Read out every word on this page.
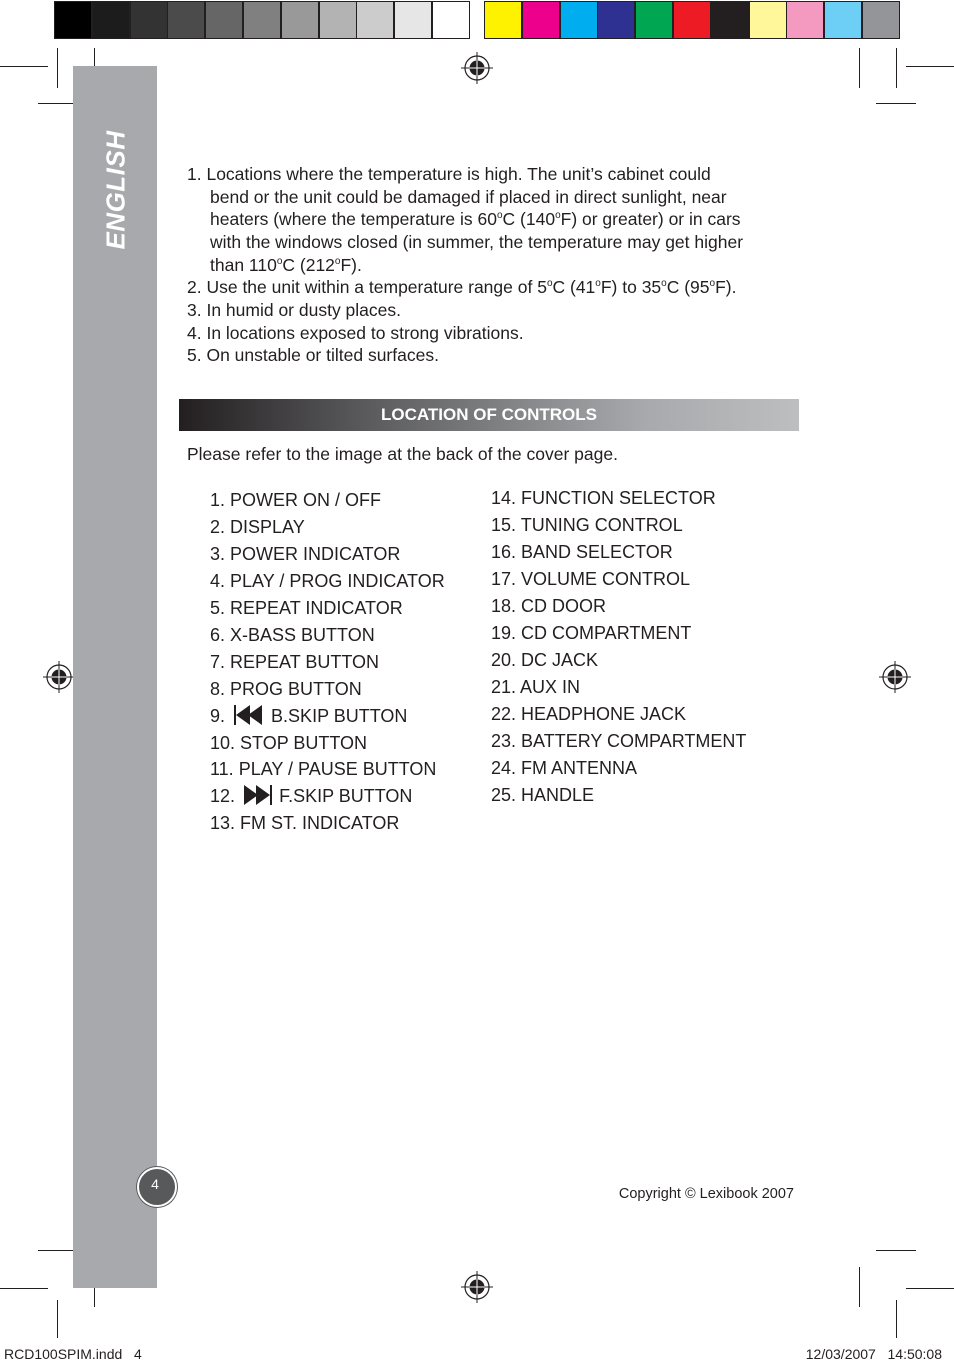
ENGLISH	1. Locations where the temperature is high. The unit’s cabinet could
bend or the unit could be damaged if placed in direct sunlight, near
heaters (where the temperature is 60$^o$C (140$^o$F) or greater) or in cars
with the windows closed (in summer, the temperature may get higher
than 110$^o$C (212$^o$F).
2. Use the unit within a temperature range of 5$^o$C (41$^o$F) to 35$^o$C (95$^o$F).
3. In humid or dusty places.
4. In locations exposed to strong vibrations.
5. On unstable or tilted surfaces.
LOCATION OF CONTROLS
Please refer to the image at the back of the cover page.
1. POWER ON / OFF
2. DISPLAY
3. POWER INDICATOR
4. PLAY / PROG INDICATOR
5. REPEAT INDICATOR
6. X-BASS BUTTON
7. REPEAT BUTTON
8. PROG BUTTON
9.	B.SKIP BUTTON
10. STOP BUTTON
11. PLAY / PAUSE BUTTON
12. F.SKIP BUTTON
13. FM ST. INDICATOR
14. FUNCTION SELECTOR
15. TUNING CONTROL
16. BAND SELECTOR
17. VOLUME CONTROL
18. CD DOOR
19. CD COMPARTMENT
20. DC JACK
21. AUX IN
22. HEADPHONE JACK
23. BATTERY COMPARTMENT
24. FM ANTENNA
25. HANDLE
4
Copyright © Lexibook 2007
RCD100SPIM.indd   4	12/03/2007   14:50:08
